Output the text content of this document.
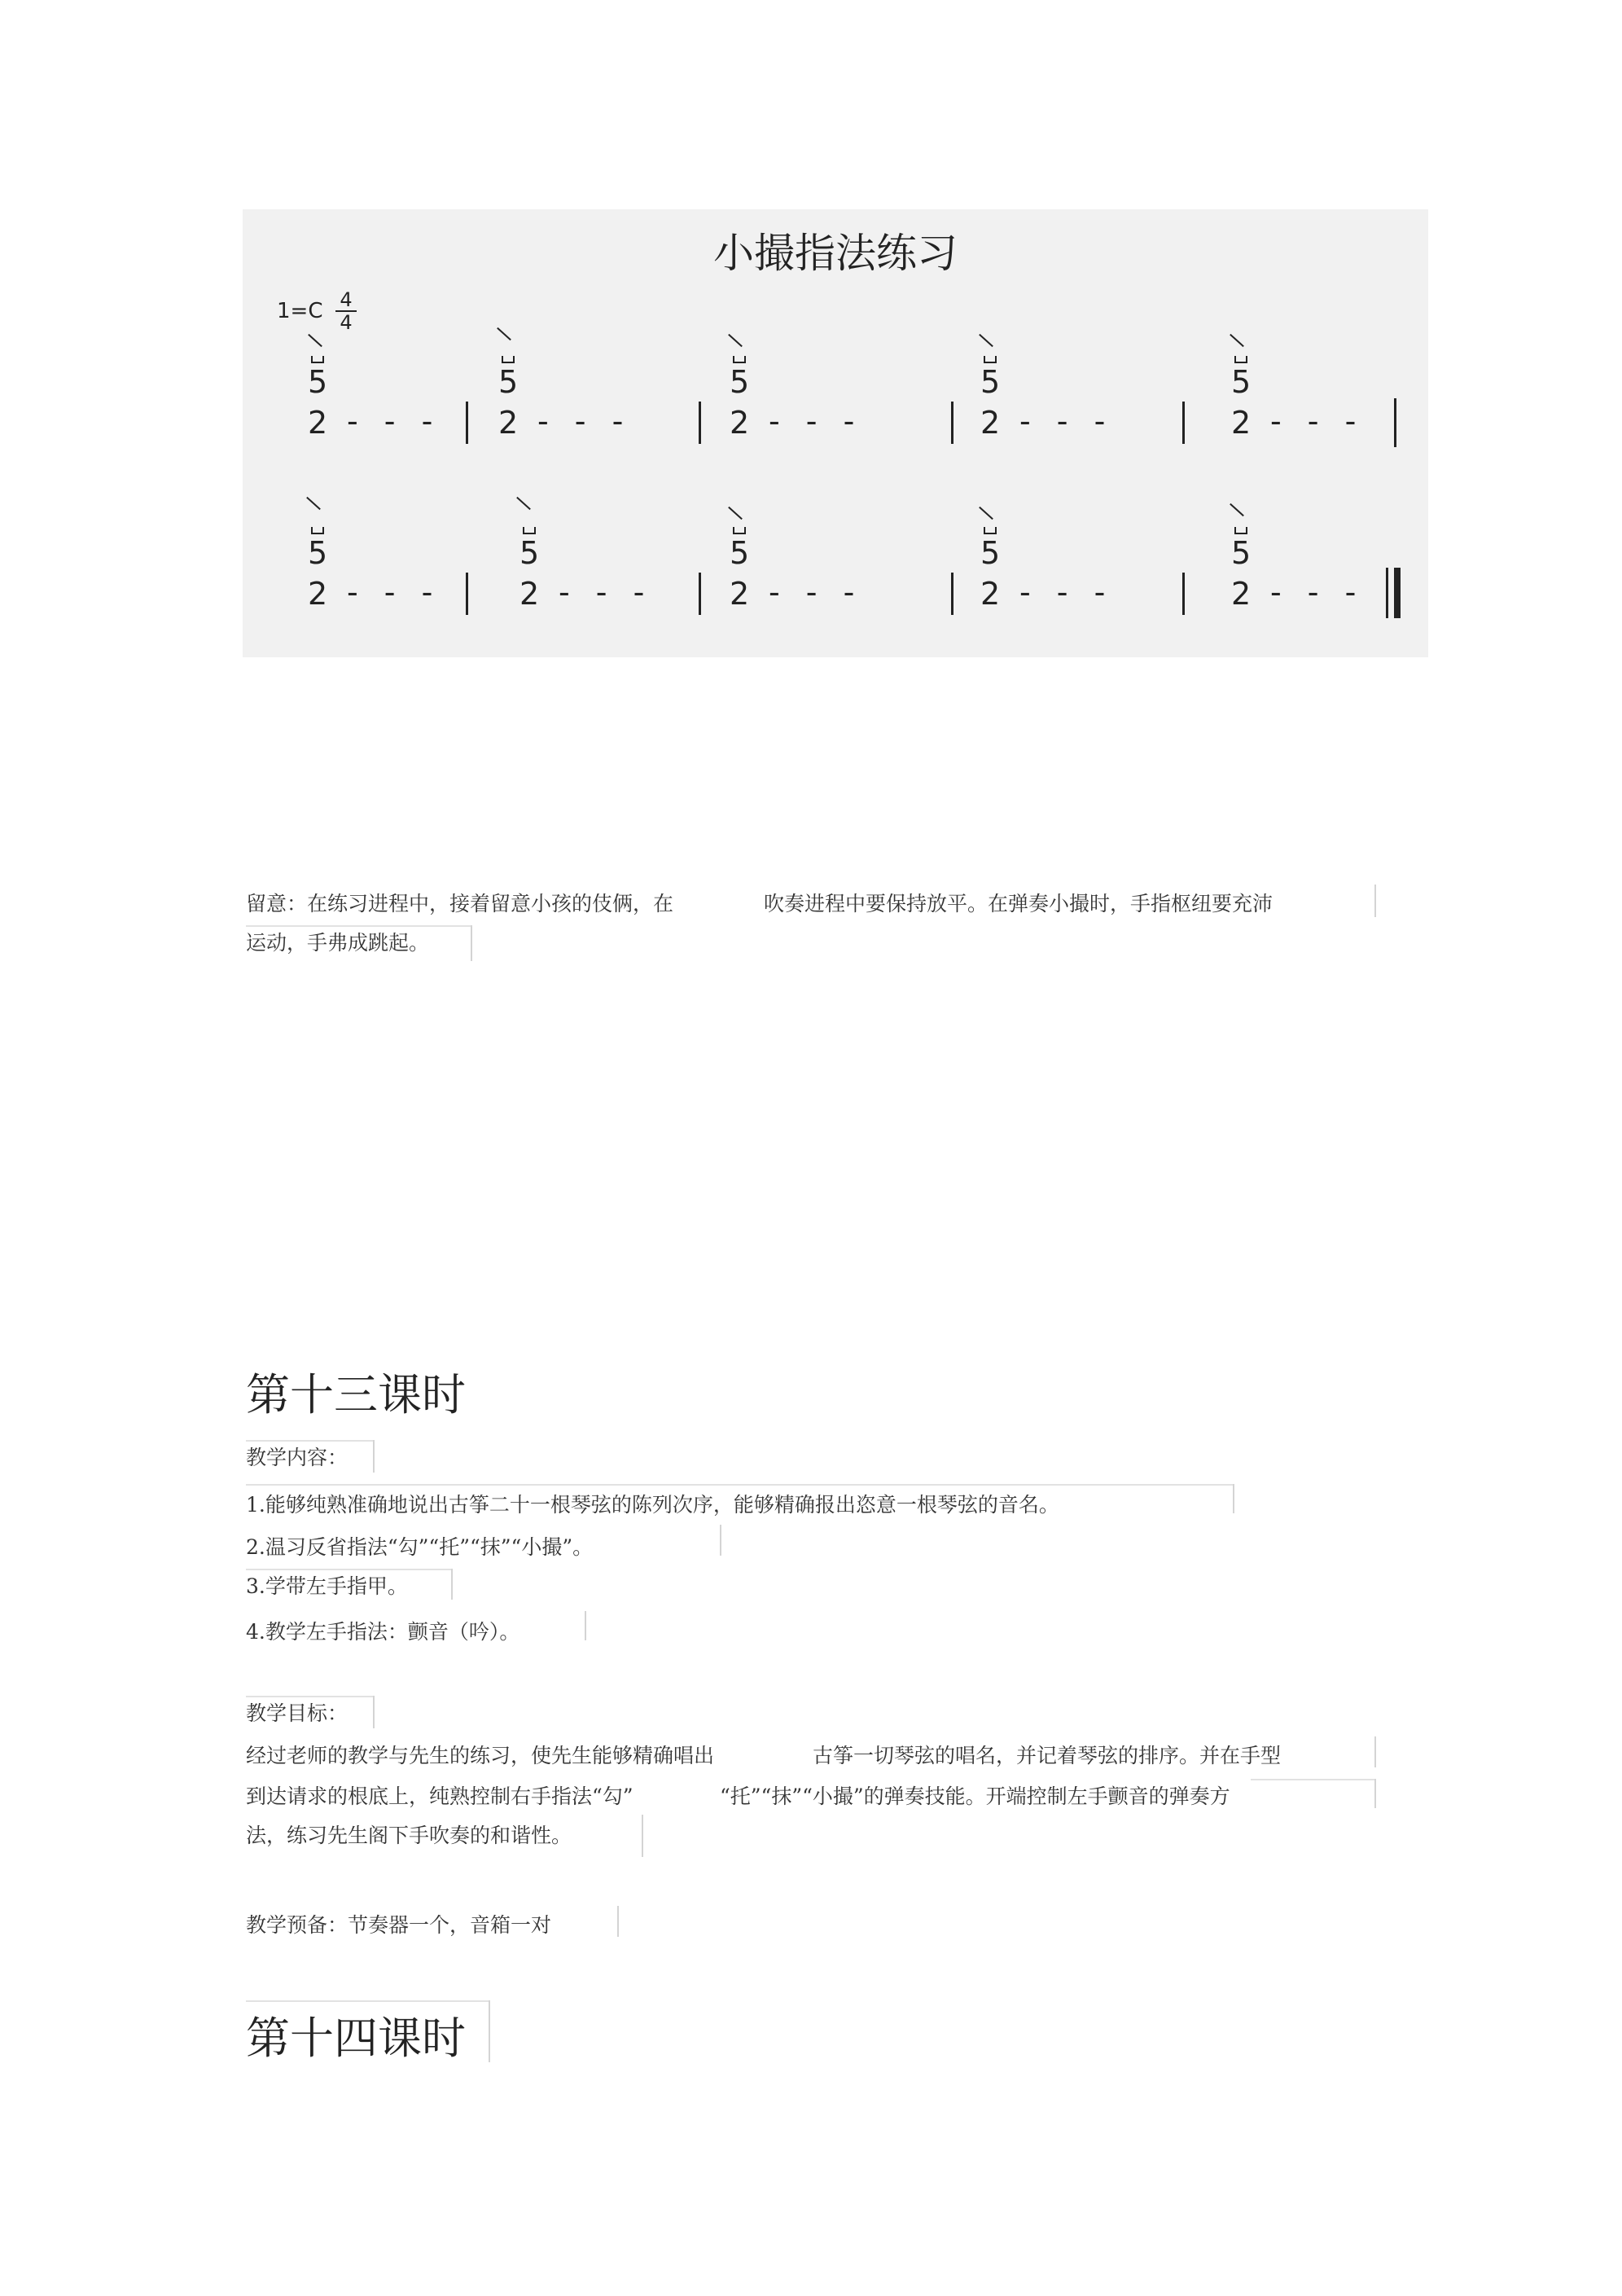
小撮指法练习
1=C 4
4
5
2 - - -
5
2 - - -
5
2 - - -
5
2 - - -
5
2 - - -
5
2 - - -
5
2 - - -
5
2 - - -
5
2 - - -
5
2 - - -
留意：在练习进程中，接着留意小孩的伎俩，在	吹奏进程中要保持放平。在弹奏小撮时，手指枢纽要充沛
运动，手弗成跳起。
第十三课时
教学内容：
1.能够纯熟准确地说出古筝二十一根琴弦的陈列次序，能够精确报出恣意一根琴弦的音名。
2.温习反省指法“勾”“托”“抹”“小撮”。
3.学带左手指甲。
4.教学左手指法：颤音（吟）。
教学目标：
经过老师的教学与先生的练习，使先生能够精确唱出	古筝一切琴弦的唱名，并记着琴弦的排序。并在手型
到达请求的根底上，纯熟控制右手指法“勾”	“托”“抹”“小撮”的弹奏技能。开端控制左手颤音的弹奏方
法，练习先生阁下手吹奏的和谐性。
教学预备：节奏器一个，音箱一对
第十四课时
